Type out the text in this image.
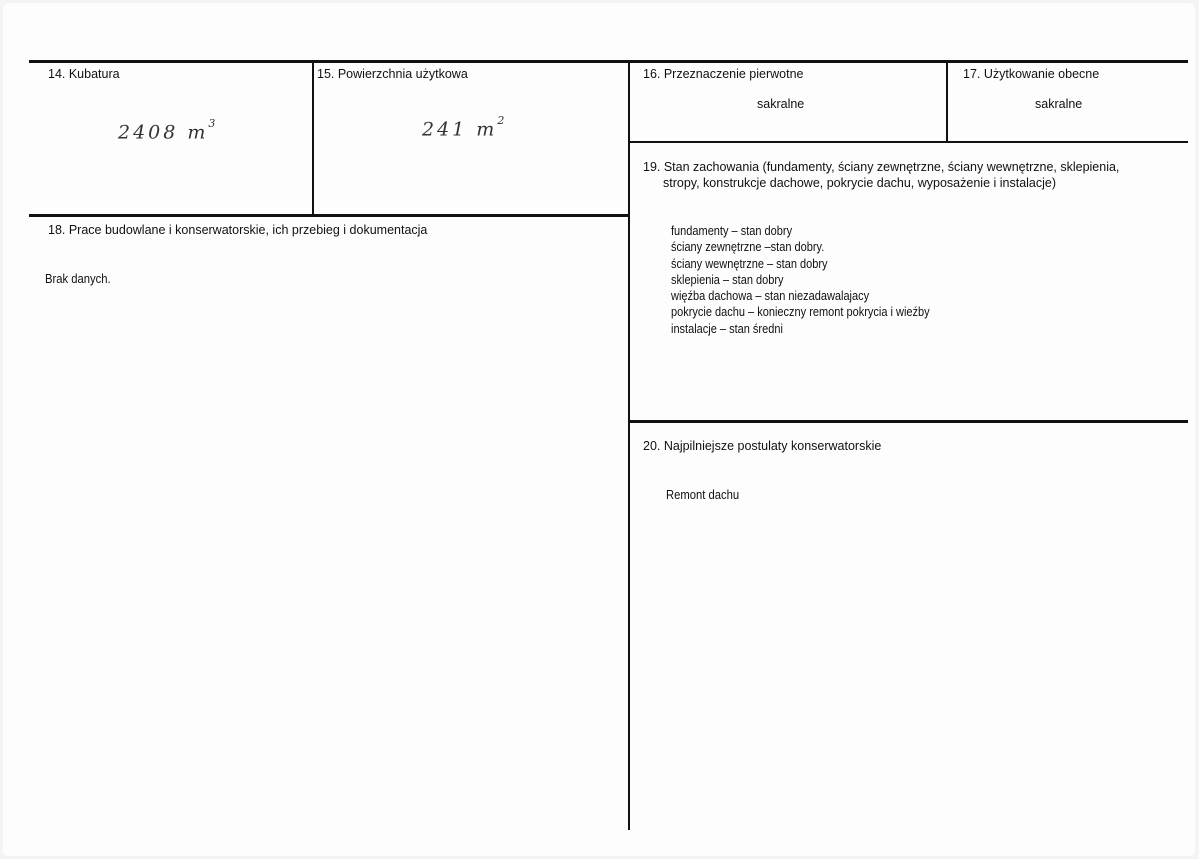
14. Kubatura
2408 $m^3$
15. Powierzchnia użytkowa
241 $m^2$
16. Przeznaczenie pierwotne
sakralne
17. Użytkowanie obecne
sakralne
18. Prace budowlane i konserwatorskie, ich przebieg i dokumentacja
Brak danych.
19. Stan zachowania (fundamenty, ściany zewnętrzne, ściany wewnętrzne, sklepienia,
stropy, konstrukcje dachowe, pokrycie dachu, wyposażenie i instalacje)
fundamenty – stan dobry
ściany zewnętrzne –stan dobry.
ściany wewnętrzne – stan dobry
sklepienia – stan dobry
więźba dachowa – stan niezadawalajacy
pokrycie dachu – konieczny remont pokrycia i wieźby
instalacje – stan średni
20. Najpilniejsze postulaty konserwatorskie
Remont dachu
